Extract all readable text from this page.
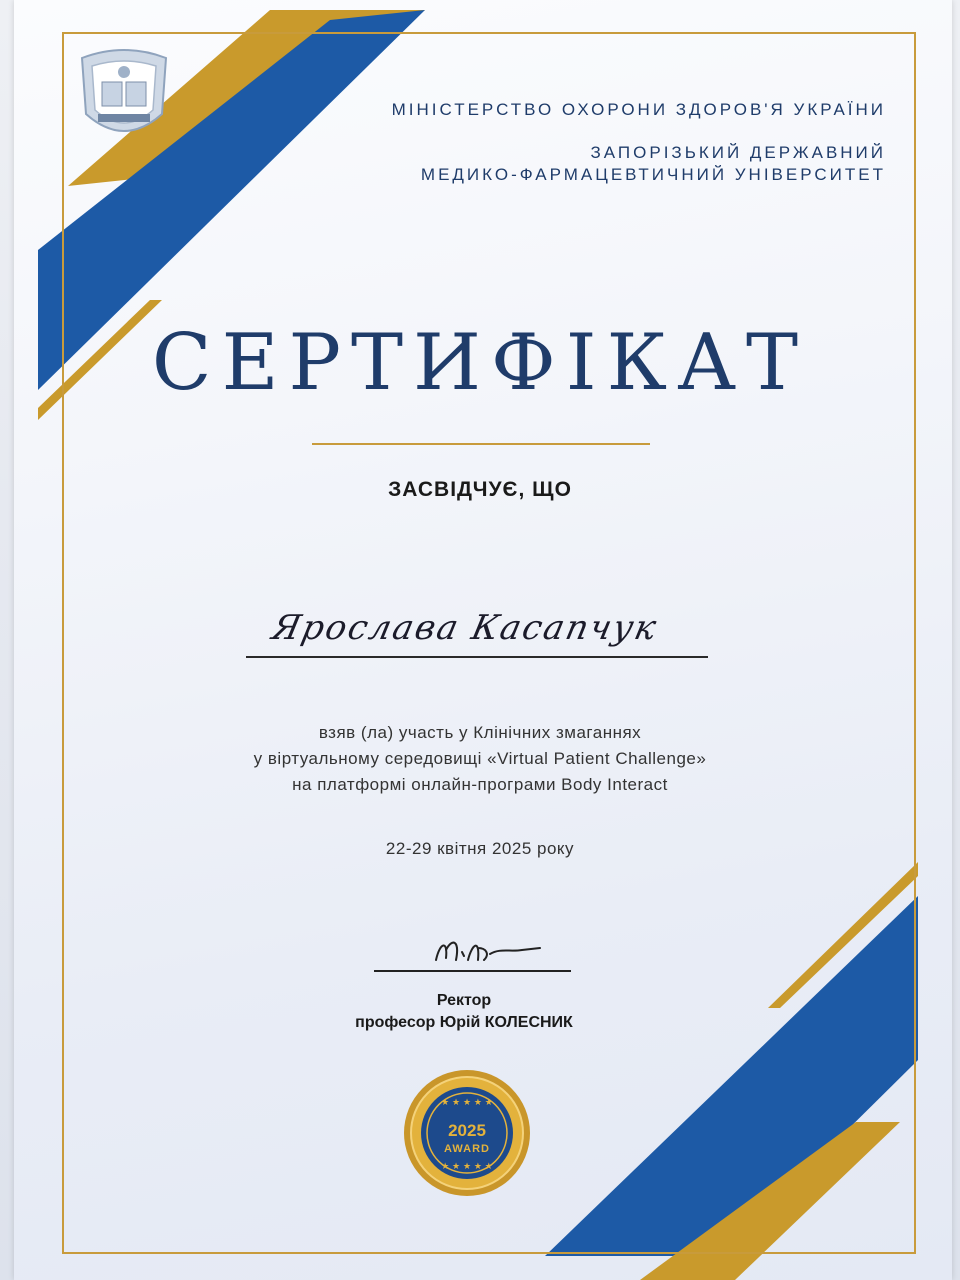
МІНІСТЕРСТВО ОХОРОНИ ЗДОРОВ'Я УКРАЇНИ
ЗАПОРІЗЬКИЙ ДЕРЖАВНИЙ
МЕДИКО-ФАРМАЦЕВТИЧНИЙ УНІВЕРСИТЕТ
СЕРТИФІКАТ
ЗАСВІДЧУЄ, ЩО
Ярослава Касапчук
взяв (ла) участь у Клінічних змаганнях
у віртуальному середовищі «Virtual Patient Challenge»
на платформі онлайн-програми Body Interact
22-29 квітня 2025 року
Ректор
професор Юрій КОЛЕСНИК
★ ★ ★ ★ ★
2025
AWARD
★ ★ ★ ★ ★
